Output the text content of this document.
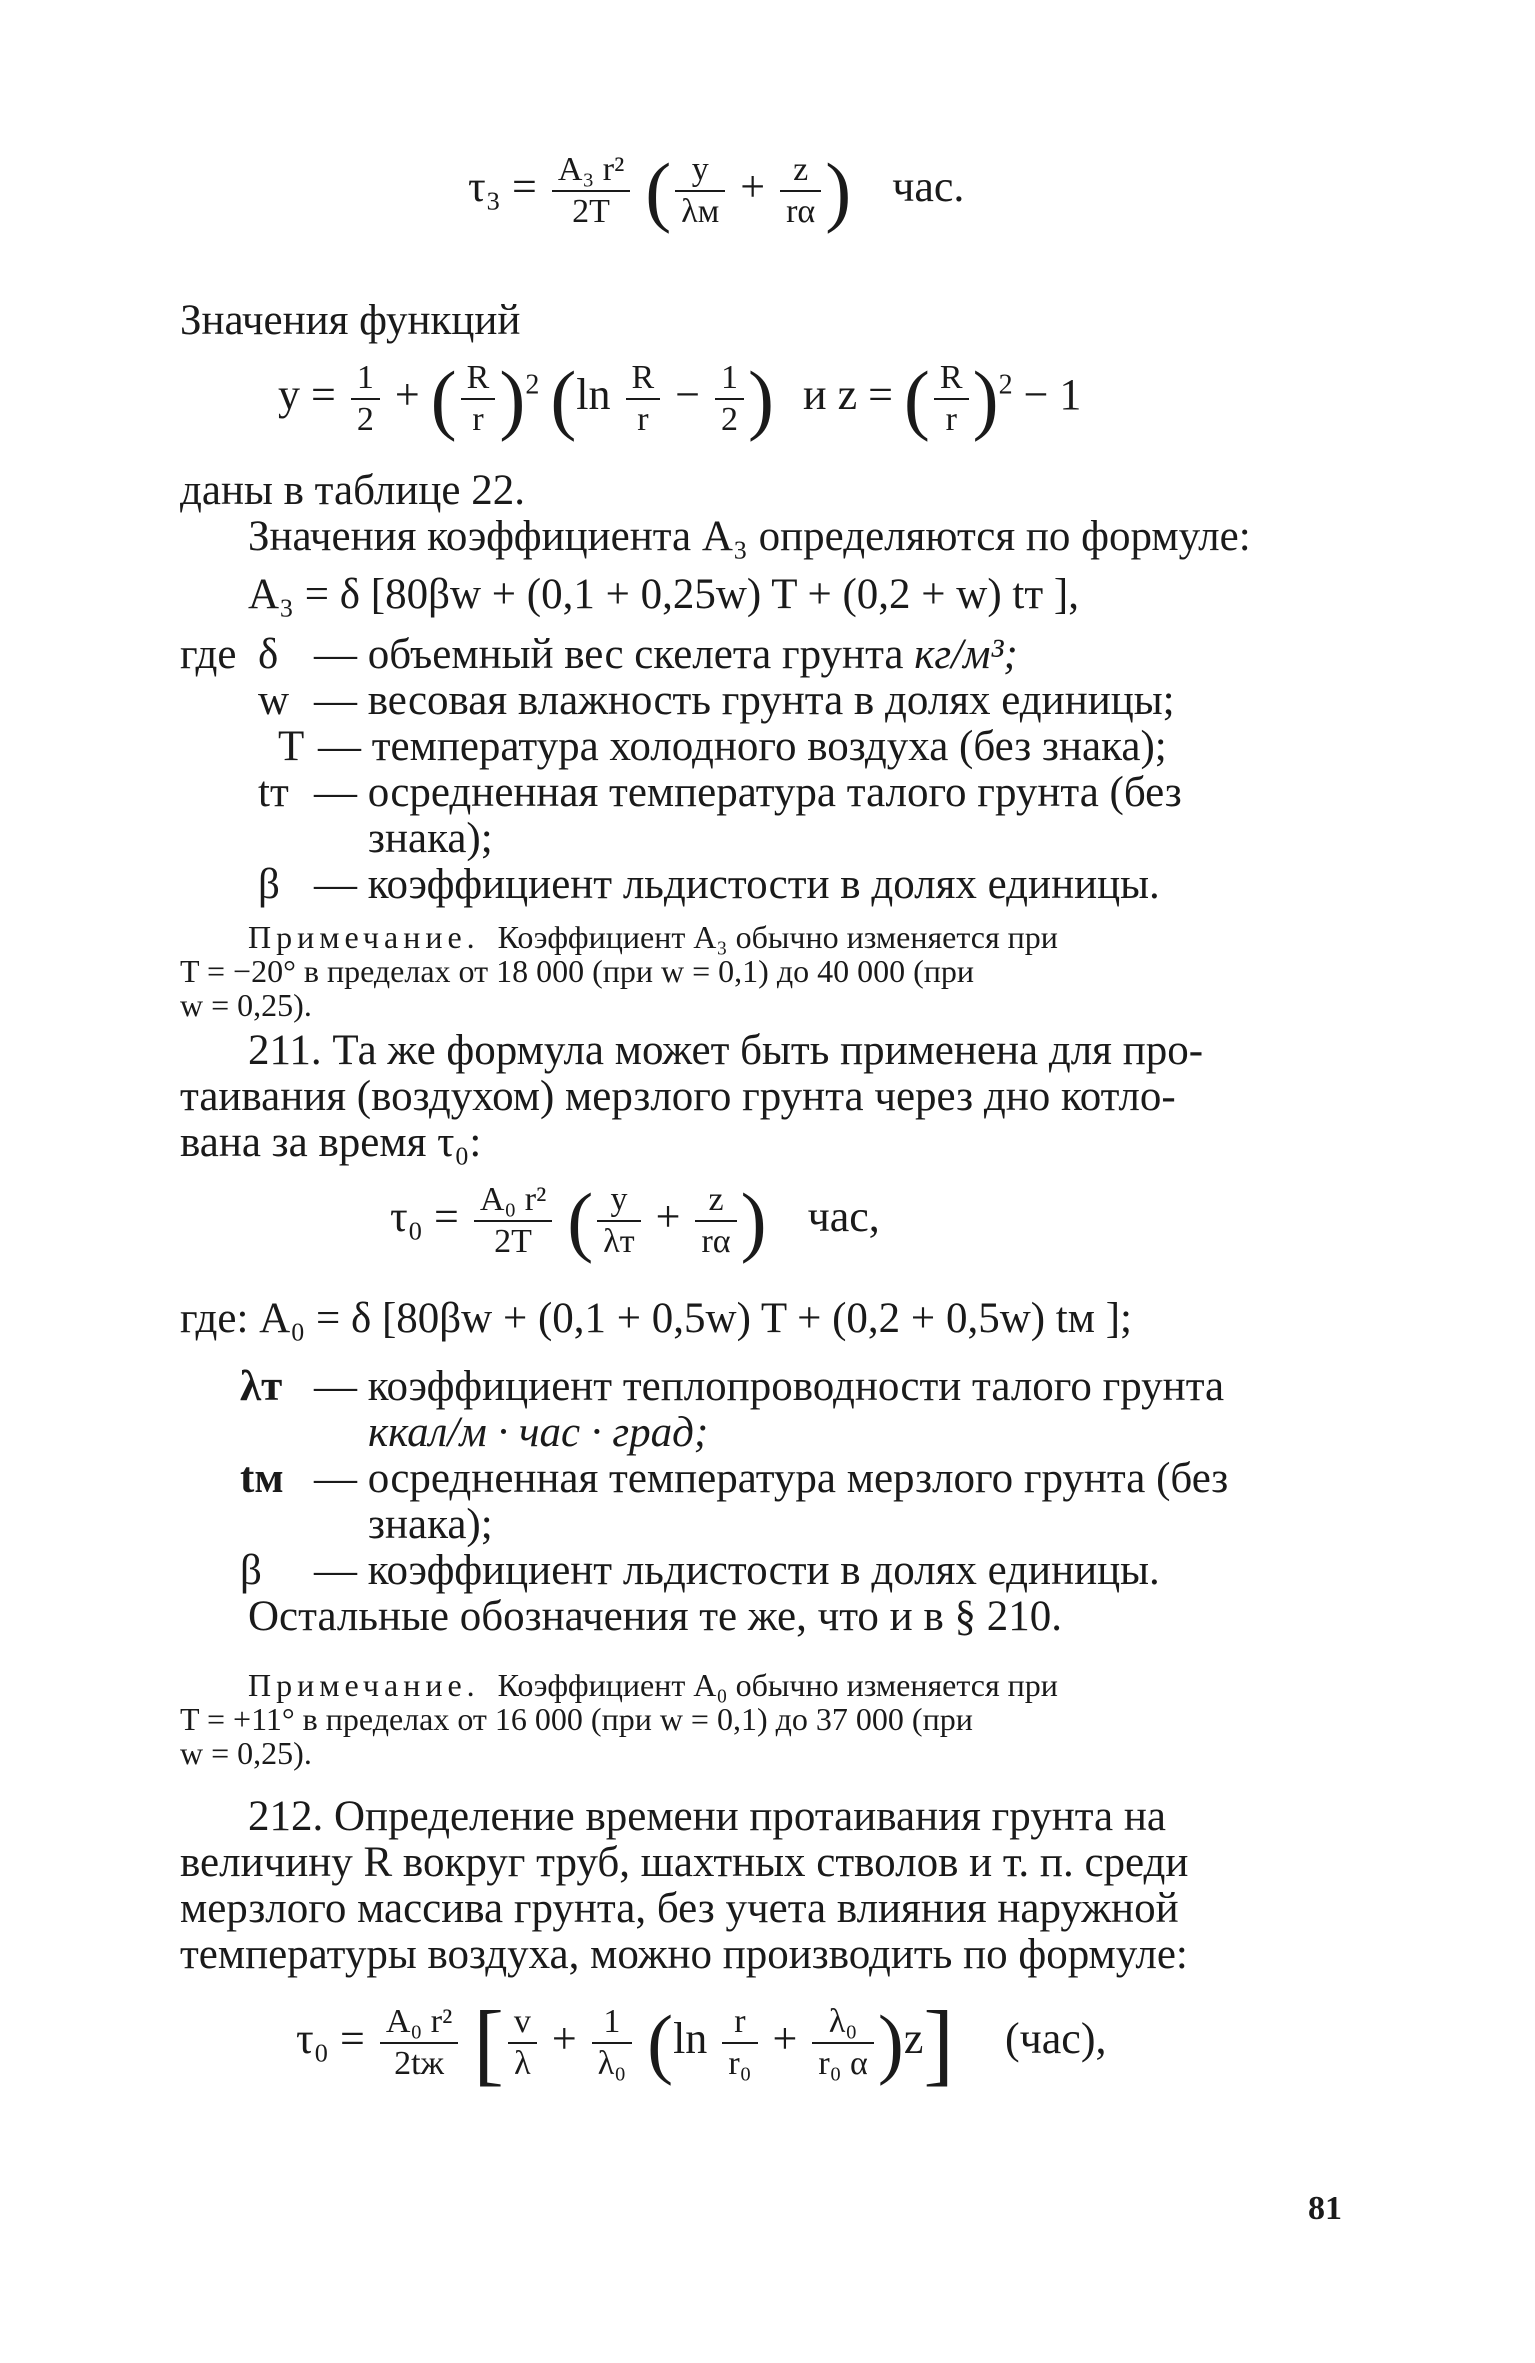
$\tau_3 = \frac{\text{A₃ r²}}{2T}$ ( $\frac{y}{\lambda м} + \frac{z}{r\alpha}$ ) час.
Значения функций
$y = \frac{1}{2}$ + ( $\frac{R}{r} )^2$ ($\ln \frac{R}{r} - \frac{1}{2}$ ) и z = ( $\frac{R}{r} )^2 - 1$
даны в таблице 22.
Значения коэффициента A₃ определяются по формуле:
A₃ = δ [80βw + (0,1 + 0,25w) T + (0,2 + w) tт ],
где δ — объемный вес скелета грунта кг/м³;
w — весовая влажность грунта в долях единицы;
T — температура холодного воздуха (без знака);
tт — осредненная температура талого грунта (без
знака);
β — коэффициент льдистости в долях единицы.
Примечание. Коэффициент A₃ обычно изменяется при
T = −20° в пределах от 18 000 (при w = 0,1) до 40 000 (при
w = 0,25).
211. Та же формула может быть применена для про-
таивания (воздухом) мерзлого грунта через дно котло-
вана за время τ₀:
$\tau_0 = \frac{\text{A₀ r²}}{2T}$ ( $\frac{y}{\lambda т} + \frac{z}{r\alpha}$ ) час,
где: A₀ = δ [80βw + (0,1 + 0,5w) T + (0,2 + 0,5w) tм ];
λт — коэффициент теплопроводности талого грунта
ккал/м · час · град;
tм — осредненная температура мерзлого грунта (без
знака);
β — коэффициент льдистости в долях единицы.
Остальные обозначения те же, что и в § 210.
Примечание. Коэффициент A₀ обычно изменяется при
T = +11° в пределах от 16 000 (при w = 0,1) до 37 000 (при
w = 0,25).
212. Определение времени протаивания грунта на
величину R вокруг труб, шахтных стволов и т. п. среди
мерзлого массива грунта, без учета влияния наружной
температуры воздуха, можно производить по формуле:
$\tau_0 = \frac{\text{A₀ r²}}{2tж}$ [ $\frac{v}{\lambda} + \frac{1}{\text{λ₀}} (\ln \frac{r}{\text{r₀}} + \frac{\text{λ₀}}{\text{r₀ α}} )z$] (час),
81
